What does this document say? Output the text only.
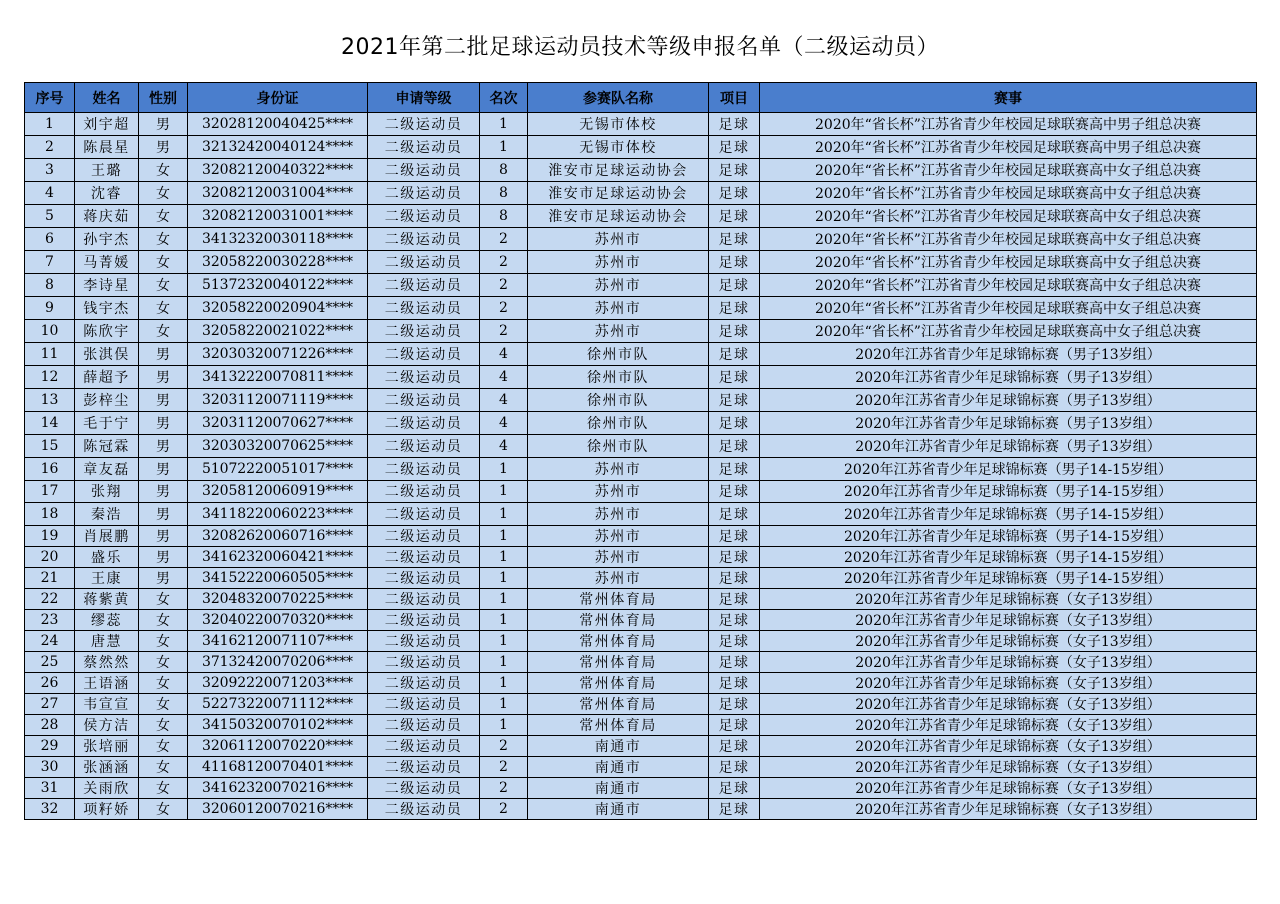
2021年第二批足球运动员技术等级申报名单（二级运动员）
序号	姓名	性别	身份证	申请等级	名次	参赛队名称	项目	赛事
1	刘宇超	男	32028120040425****	二级运动员	1	无锡市体校	足球	2020年“省长杯”江苏省青少年校园足球联赛高中男子组总决赛
2	陈晨星	男	32132420040124****	二级运动员	1	无锡市体校	足球	2020年“省长杯”江苏省青少年校园足球联赛高中男子组总决赛
3	王璐	女	32082120040322****	二级运动员	8	淮安市足球运动协会	足球	2020年“省长杯”江苏省青少年校园足球联赛高中女子组总决赛
4	沈睿	女	32082120031004****	二级运动员	8	淮安市足球运动协会	足球	2020年“省长杯”江苏省青少年校园足球联赛高中女子组总决赛
5	蒋庆茹	女	32082120031001****	二级运动员	8	淮安市足球运动协会	足球	2020年“省长杯”江苏省青少年校园足球联赛高中女子组总决赛
6	孙宇杰	女	34132320030118****	二级运动员	2	苏州市	足球	2020年“省长杯”江苏省青少年校园足球联赛高中女子组总决赛
7	马菁媛	女	32058220030228****	二级运动员	2	苏州市	足球	2020年“省长杯”江苏省青少年校园足球联赛高中女子组总决赛
8	李诗星	女	51372320040122****	二级运动员	2	苏州市	足球	2020年“省长杯”江苏省青少年校园足球联赛高中女子组总决赛
9	钱宇杰	女	32058220020904****	二级运动员	2	苏州市	足球	2020年“省长杯”江苏省青少年校园足球联赛高中女子组总决赛
10	陈欣宇	女	32058220021022****	二级运动员	2	苏州市	足球	2020年“省长杯”江苏省青少年校园足球联赛高中女子组总决赛
11	张淇俣	男	32030320071226****	二级运动员	4	徐州市队	足球	2020年江苏省青少年足球锦标赛（男子13岁组）
12	薛超予	男	34132220070811****	二级运动员	4	徐州市队	足球	2020年江苏省青少年足球锦标赛（男子13岁组）
13	彭梓尘	男	32031120071119****	二级运动员	4	徐州市队	足球	2020年江苏省青少年足球锦标赛（男子13岁组）
14	毛于宁	男	32031120070627****	二级运动员	4	徐州市队	足球	2020年江苏省青少年足球锦标赛（男子13岁组）
15	陈冠霖	男	32030320070625****	二级运动员	4	徐州市队	足球	2020年江苏省青少年足球锦标赛（男子13岁组）
16	章友磊	男	51072220051017****	二级运动员	1	苏州市	足球	2020年江苏省青少年足球锦标赛（男子14-15岁组）
17	张翔	男	32058120060919****	二级运动员	1	苏州市	足球	2020年江苏省青少年足球锦标赛（男子14-15岁组）
18	秦浩	男	34118220060223****	二级运动员	1	苏州市	足球	2020年江苏省青少年足球锦标赛（男子14-15岁组）
19	肖展鹏	男	32082620060716****	二级运动员	1	苏州市	足球	2020年江苏省青少年足球锦标赛（男子14-15岁组）
20	盛乐	男	34162320060421****	二级运动员	1	苏州市	足球	2020年江苏省青少年足球锦标赛（男子14-15岁组）
21	王康	男	34152220060505****	二级运动员	1	苏州市	足球	2020年江苏省青少年足球锦标赛（男子14-15岁组）
22	蒋紫黄	女	32048320070225****	二级运动员	1	常州体育局	足球	2020年江苏省青少年足球锦标赛（女子13岁组）
23	缪蕊	女	32040220070320****	二级运动员	1	常州体育局	足球	2020年江苏省青少年足球锦标赛（女子13岁组）
24	唐慧	女	34162120071107****	二级运动员	1	常州体育局	足球	2020年江苏省青少年足球锦标赛（女子13岁组）
25	蔡然然	女	37132420070206****	二级运动员	1	常州体育局	足球	2020年江苏省青少年足球锦标赛（女子13岁组）
26	王语涵	女	32092220071203****	二级运动员	1	常州体育局	足球	2020年江苏省青少年足球锦标赛（女子13岁组）
27	韦宣宣	女	52273220071112****	二级运动员	1	常州体育局	足球	2020年江苏省青少年足球锦标赛（女子13岁组）
28	侯方洁	女	34150320070102****	二级运动员	1	常州体育局	足球	2020年江苏省青少年足球锦标赛（女子13岁组）
29	张培丽	女	32061120070220****	二级运动员	2	南通市	足球	2020年江苏省青少年足球锦标赛（女子13岁组）
30	张涵涵	女	41168120070401****	二级运动员	2	南通市	足球	2020年江苏省青少年足球锦标赛（女子13岁组）
31	关雨欣	女	34162320070216****	二级运动员	2	南通市	足球	2020年江苏省青少年足球锦标赛（女子13岁组）
32	项籽娇	女	32060120070216****	二级运动员	2	南通市	足球	2020年江苏省青少年足球锦标赛（女子13岁组）
